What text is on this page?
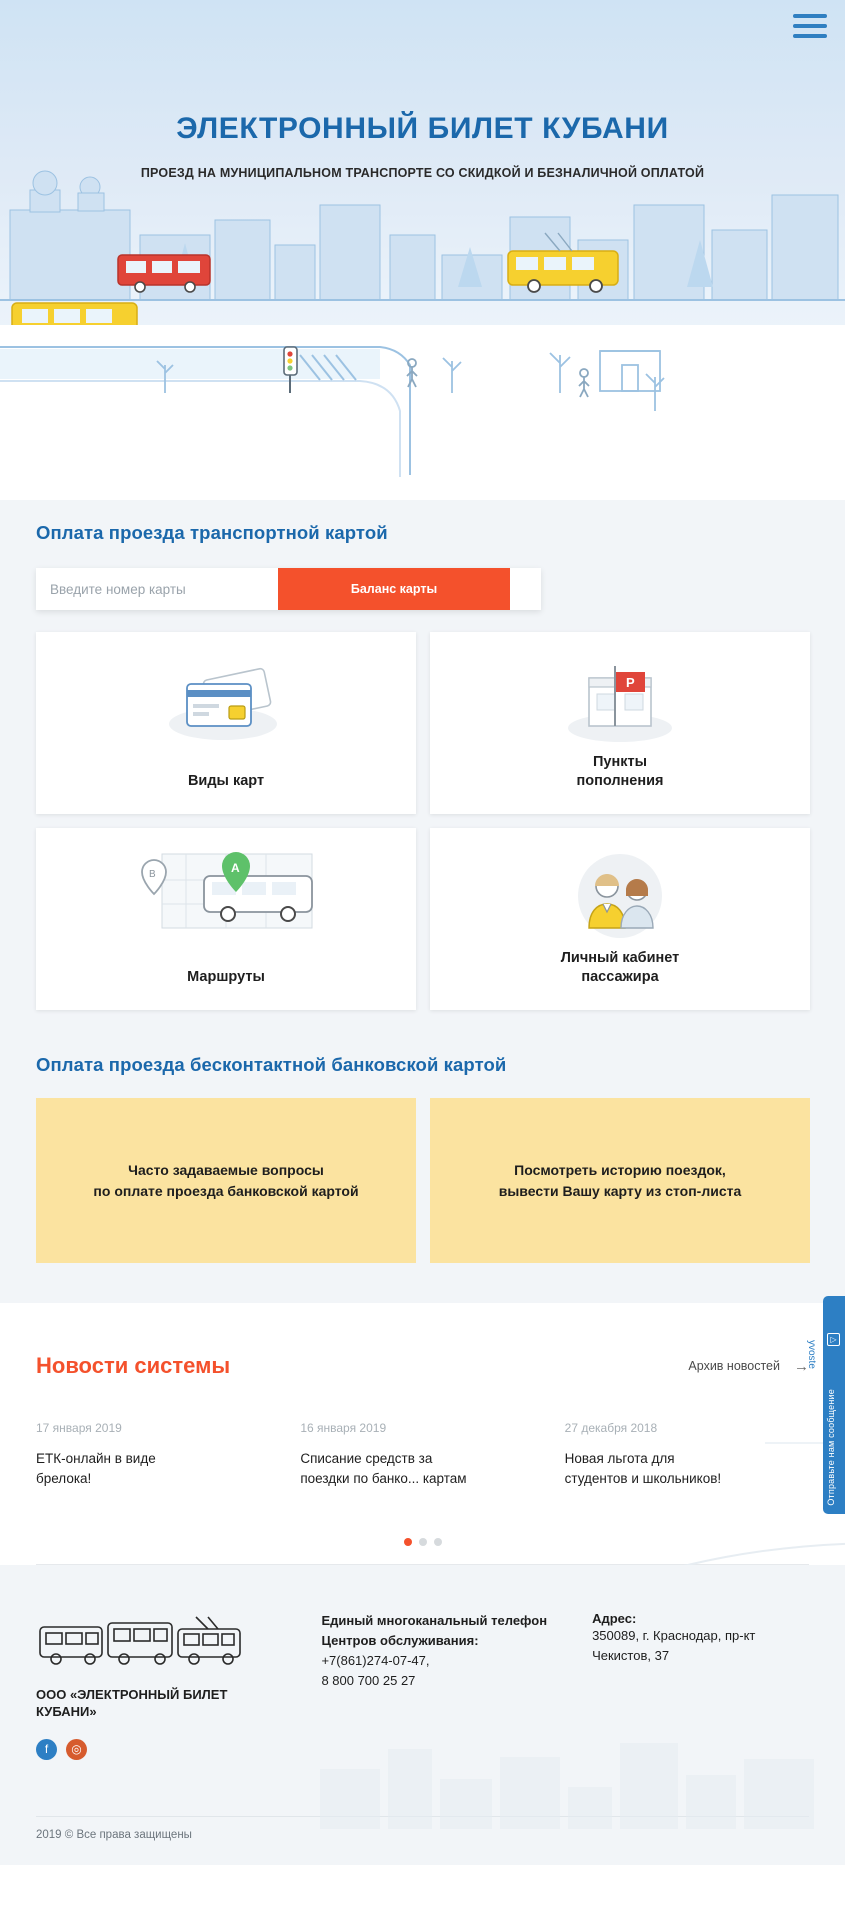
ЭЛЕКТРОННЫЙ БИЛЕТ КУБАНИ
ПРОЕЗД НА МУНИЦИПАЛЬНОМ ТРАНСПОРТЕ СО СКИДКОЙ И БЕЗНАЛИЧНОЙ ОПЛАТОЙ
Оплата проезда транспортной картой
Введите номер карты
Баланс карты
Виды карт
P
Пункты
пополнения
B	A
Маршруты
Личный кабинет
пассажира
Оплата проезда бесконтактной банковской картой
Часто задаваемые вопросы
по оплате проезда банковской картой
Посмотреть историю поездок,
вывести Вашу карту из стоп-листа
Новости системы	Архив новостей →
17 января 2019
ЕТК-онлайн в виде
брелока!
16 января 2019
Списание средств за
поездки по банко... картам
27 декабря 2018
Новая льгота для
студентов и школьников!
ООО «ЭЛЕКТРОННЫЙ БИЛЕТ
КУБАНИ»
f	◎
Единый многоканальный телефон
Центров обслуживания:
+7(861)274-07-47,
8 800 700 25 27
Адрес:
350089, г. Краснодар, пр-кт
Чекистов, 37
2019 © Все права защищены
▷
Отправьте нам сообщение
yvoste
